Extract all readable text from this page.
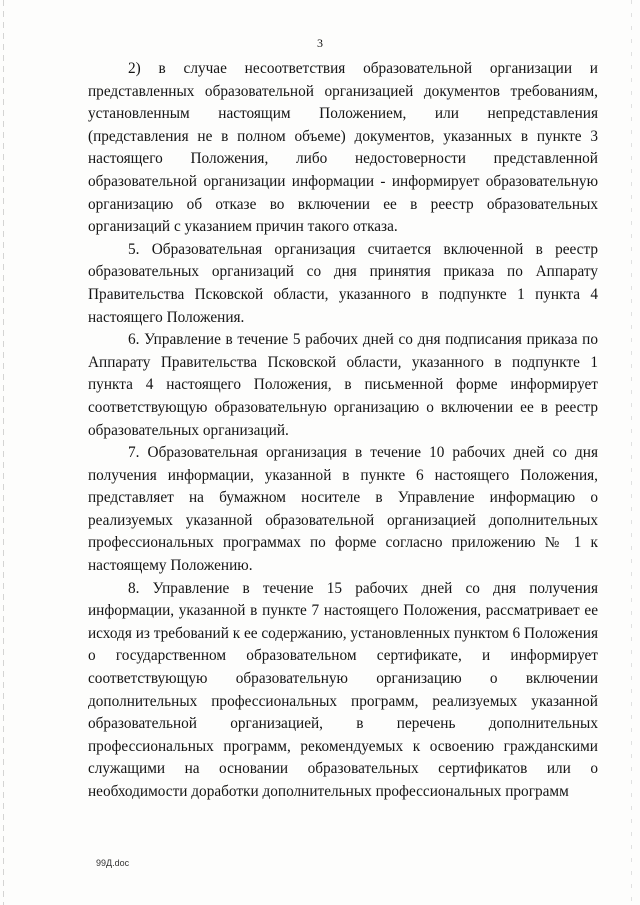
3

2) в случае несоответствия образовательной организации и представленных образовательной организацией документов требованиям, установленным настоящим Положением, или непредставления (представления не в полном объеме) документов, указанных в пункте 3 настоящего Положения, либо недостоверности представленной образовательной организации информации - информирует образовательную организацию об отказе во включении ее в реестр образовательных организаций с указанием причин такого отказа.

5. Образовательная организация считается включенной в реестр образовательных организаций со дня принятия приказа по Аппарату Правительства Псковской области, указанного в подпункте 1 пункта 4 настоящего Положения.

6. Управление в течение 5 рабочих дней со дня подписания приказа по Аппарату Правительства Псковской области, указанного в подпункте 1 пункта 4 настоящего Положения, в письменной форме информирует соответствующую образовательную организацию о включении ее в реестр образовательных организаций.

7. Образовательная организация в течение 10 рабочих дней со дня получения информации, указанной в пункте 6 настоящего Положения, представляет на бумажном носителе в Управление информацию о реализуемых указанной образовательной организацией дополнительных профессиональных программах по форме согласно приложению № 1 к настоящему Положению.

8. Управление в течение 15 рабочих дней со дня получения информации, указанной в пункте 7 настоящего Положения, рассматривает ее исходя из требований к ее содержанию, установленных пунктом 6 Положения о государственном образовательном сертификате, и информирует соответствующую образовательную организацию о включении дополнительных профессиональных программ, реализуемых указанной образовательной организацией, в перечень дополнительных профессиональных программ, рекомендуемых к освоению гражданскими служащими на основании образовательных сертификатов или о необходимости доработки дополнительных профессиональных программ

99Д.doc
